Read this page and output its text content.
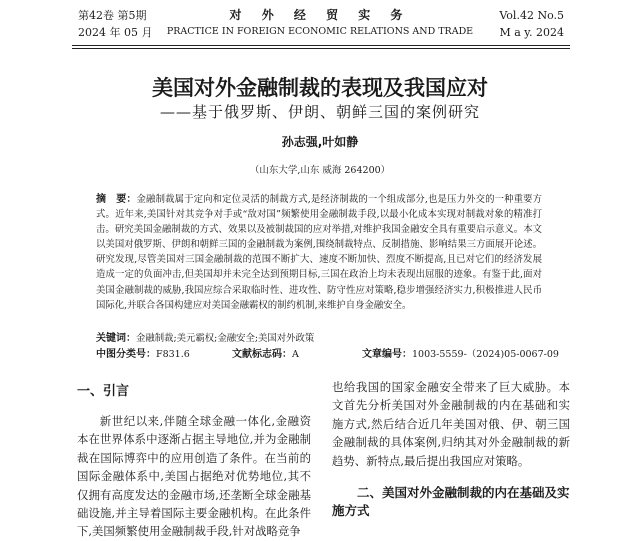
第42卷 第5期
2024 年 05 月
对 外 经 贸 实 务
PRACTICE IN FOREIGN ECONOMIC RELATIONS AND TRADE
Vol.42 No.5
M a y. 2024
美国对外金融制裁的表现及我国应对
——基于俄罗斯、伊朗、朝鲜三国的案例研究
孙志强,叶如静
（山东大学,山东 威海 264200）
摘　要：金融制裁属于定向和定位灵活的制裁方式,是经济制裁的一个组成部分,也是压力外交的一种重要方式。近年来,美国针对其竞争对手或“敌对国”频繁使用金融制裁手段,以最小化成本实现对制裁对象的精准打击。研究美国金融制裁的方式、效果以及被制裁国的应对举措,对维护我国金融安全具有重要启示意义。本文以美国对俄罗斯、伊朗和朝鲜三国的金融制裁为案例,围绕制裁特点、反制措施、影响结果三方面展开论述。研究发现,尽管美国对三国金融制裁的范围不断扩大、速度不断加快、烈度不断提高,且已对它们的经济发展造成一定的负面冲击,但美国却并未完全达到预期目标,三国在政治上均未表现出屈服的迹象。有鉴于此,面对美国金融制裁的威胁,我国应综合采取临时性、进攻性、防守性应对策略,稳步增强经济实力,积极推进人民币国际化,并联合各国构建应对美国金融霸权的制约机制,来维护自身金融安全。
关键词：金融制裁;美元霸权;金融安全;美国对外政策
中图分类号：F831.6	文献标志码：A	文章编号：1003-5559-（2024)05-0067-09
一、引言

新世纪以来,伴随全球金融一体化,金融资本在世界体系中逐渐占据主导地位,并为金融制裁在国际博弈中的应用创造了条件。在当前的国际金融体系中,美国占据绝对优势地位,其不仅拥有高度发达的金融市场,还垄断全球金融基础设施,并主导着国际主要金融机构。在此条件下,美国频繁使用金融制裁手段,针对战略竞争

也给我国的国家金融安全带来了巨大威胁。本文首先分析美国对外金融制裁的内在基础和实施方式,然后结合近几年美国对俄、伊、朝三国金融制裁的具体案例,归纳其对外金融制裁的新趋势、新特点,最后提出我国应对策略。

二、美国对外金融制裁的内在基础及实施方式
